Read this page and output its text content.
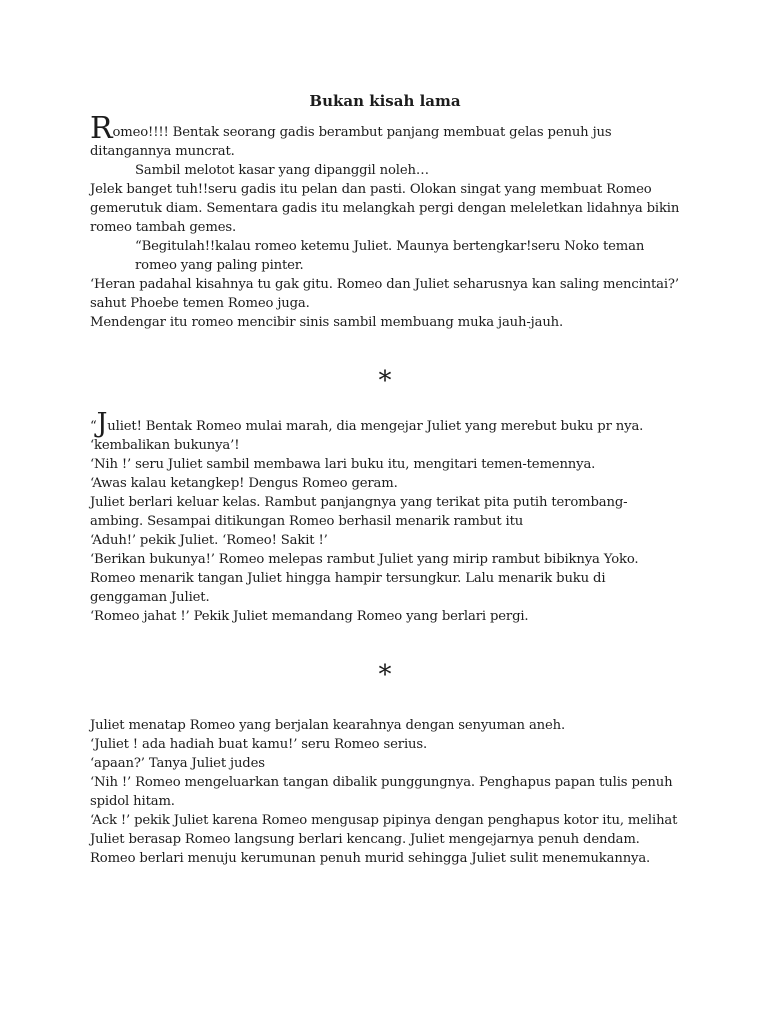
Bukan kisah lama

Romeo!!!! Bentak seorang gadis berambut panjang membuat gelas penuh jus ditangannya muncrat.

Sambil melotot kasar yang dipanggil noleh…

Jelek banget tuh!!seru gadis itu pelan dan pasti. Olokan singat yang membuat Romeo gemerutuk diam. Sementara gadis itu melangkah pergi dengan meleletkan lidahnya bikin romeo tambah gemes.

“Begitulah!!kalau romeo ketemu Juliet. Maunya bertengkar!seru Noko teman romeo yang paling pinter.

‘Heran padahal kisahnya tu gak gitu. Romeo dan Juliet seharusnya kan saling mencintai?’ sahut Phoebe temen Romeo juga.

Mendengar itu romeo mencibir sinis sambil membuang muka jauh-jauh.

*

“Juliet! Bentak Romeo mulai marah, dia mengejar Juliet yang merebut buku pr nya.

‘kembalikan bukunya’!

‘Nih !’ seru Juliet sambil membawa lari buku itu, mengitari temen-temennya.

‘Awas kalau ketangkep! Dengus Romeo geram.

Juliet berlari keluar kelas. Rambut panjangnya yang terikat pita putih terombang-ambing. Sesampai ditikungan Romeo berhasil menarik rambut itu

‘Aduh!’ pekik Juliet. ‘Romeo! Sakit !’

‘Berikan bukunya!’ Romeo melepas rambut Juliet yang mirip rambut bibiknya Yoko. Romeo menarik tangan Juliet hingga hampir tersungkur. Lalu menarik buku di genggaman Juliet.

‘Romeo jahat !’ Pekik Juliet memandang Romeo yang berlari pergi.

*

Juliet menatap Romeo yang berjalan kearahnya dengan senyuman aneh.

‘Juliet ! ada hadiah buat kamu!’ seru Romeo serius.

‘apaan?’ Tanya Juliet judes

‘Nih !’ Romeo mengeluarkan tangan dibalik punggungnya. Penghapus papan tulis penuh spidol hitam.

‘Ack !’ pekik Juliet karena Romeo mengusap pipinya dengan penghapus kotor itu, melihat Juliet berasap Romeo langsung berlari kencang. Juliet mengejarnya penuh dendam. Romeo berlari menuju kerumunan penuh murid sehingga Juliet sulit menemukannya.
